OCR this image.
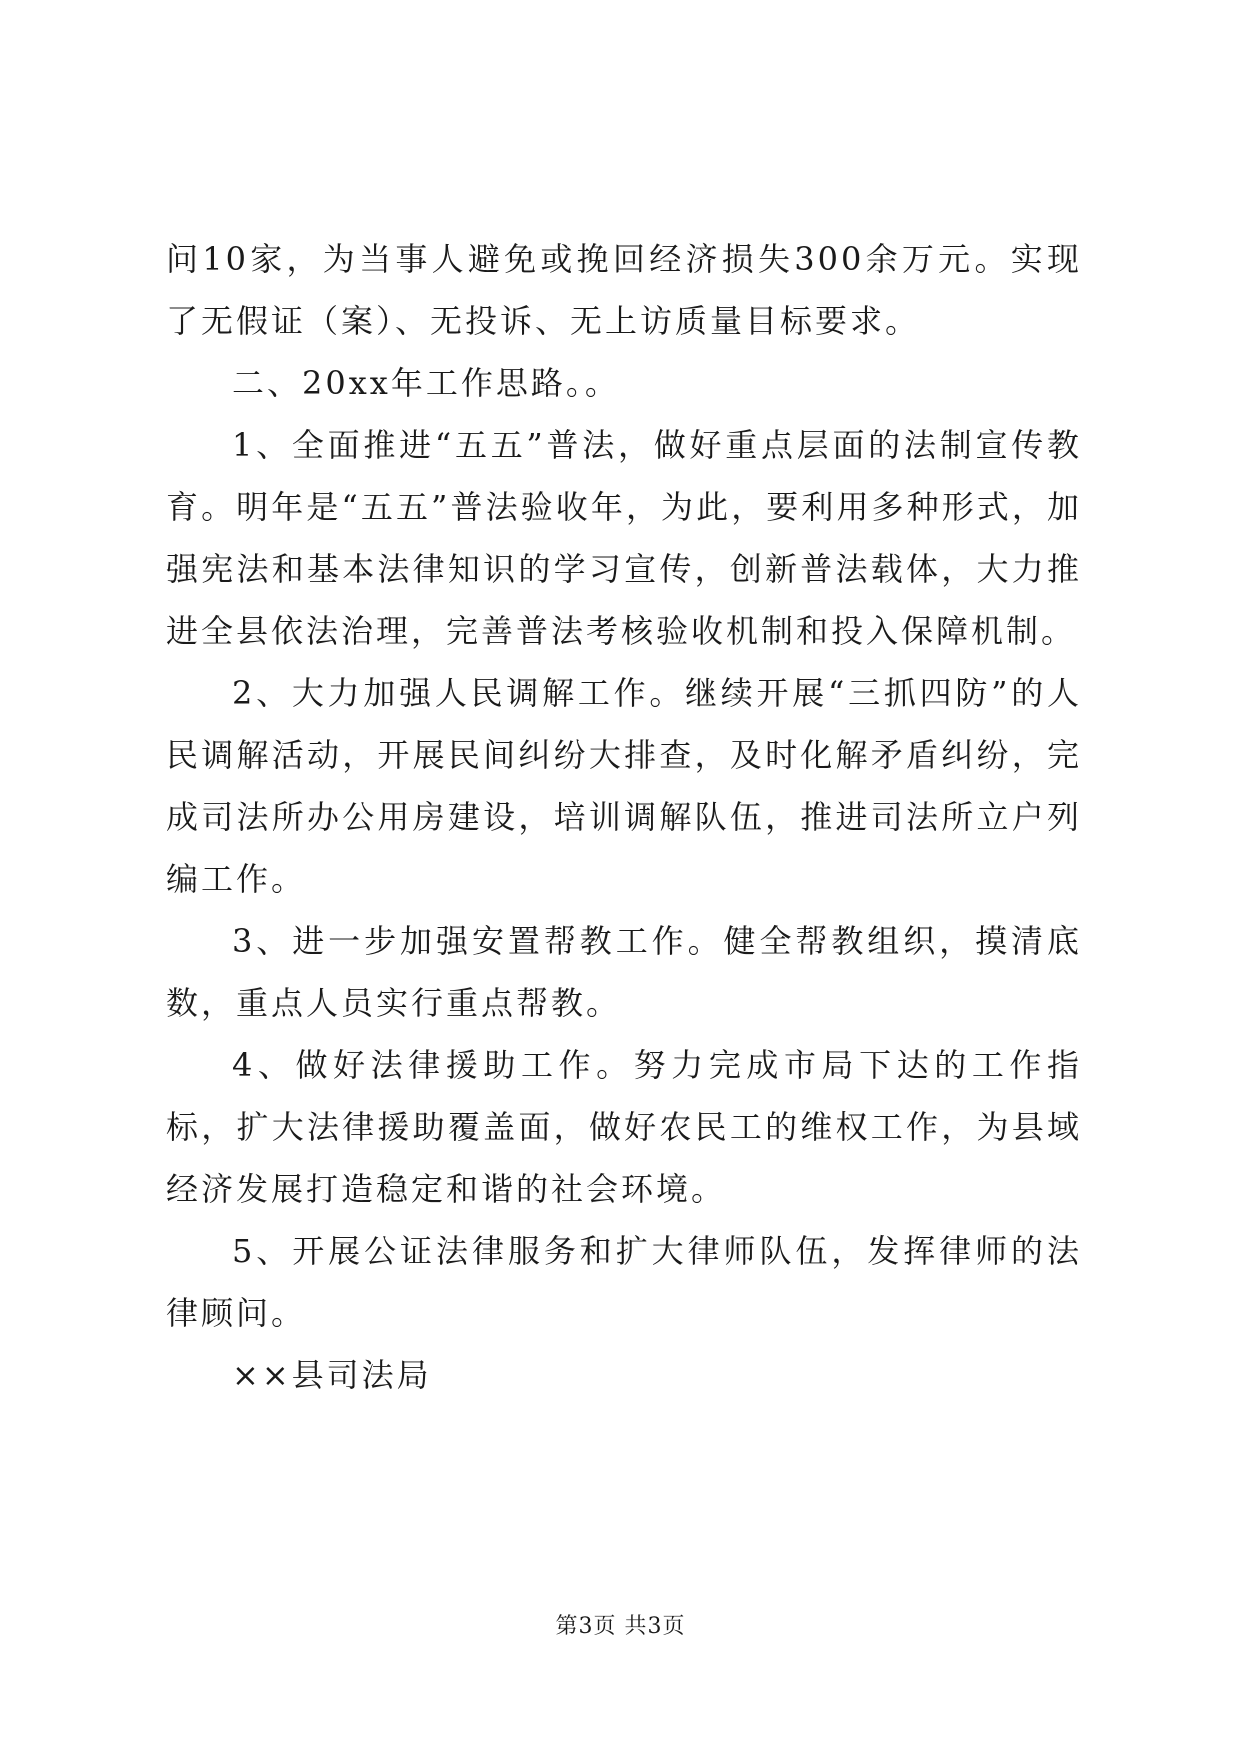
问10家，为当事人避免或挽回经济损失300余万元。实现了无假证（案）、无投诉、无上访质量目标要求。

二、20xx年工作思路。。

1、全面推进“五五”普法，做好重点层面的法制宣传教育。明年是“五五”普法验收年，为此，要利用多种形式，加强宪法和基本法律知识的学习宣传，创新普法载体，大力推进全县依法治理，完善普法考核验收机制和投入保障机制。

2、大力加强人民调解工作。继续开展“三抓四防”的人民调解活动，开展民间纠纷大排查，及时化解矛盾纠纷，完成司法所办公用房建设，培训调解队伍，推进司法所立户列编工作。

3、进一步加强安置帮教工作。健全帮教组织，摸清底数，重点人员实行重点帮教。

4、做好法律援助工作。努力完成市局下达的工作指标，扩大法律援助覆盖面，做好农民工的维权工作，为县域经济发展打造稳定和谐的社会环境。

5、开展公证法律服务和扩大律师队伍，发挥律师的法律顾问。

××县司法局

第3页 共3页
